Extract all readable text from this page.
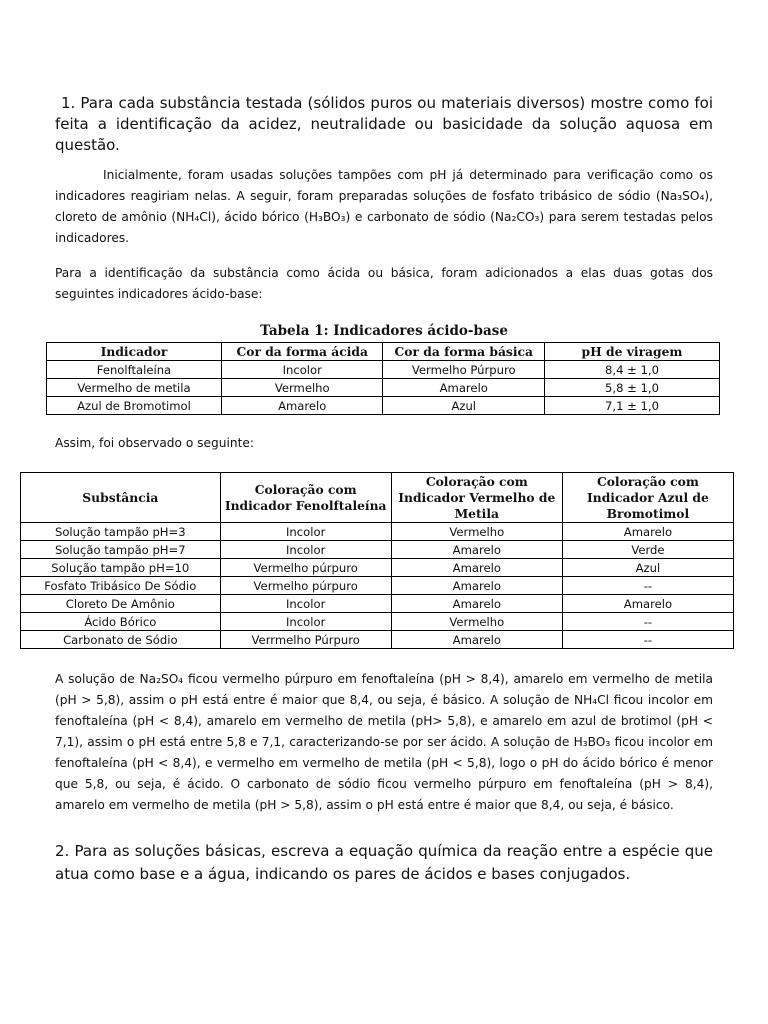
1. Para cada substância testada (sólidos puros ou materiais diversos) mostre como foi feita a identificação da acidez, neutralidade ou basicidade da solução aquosa em questão.
Inicialmente, foram usadas soluções tampões com pH já determinado para verificação como os indicadores reagiriam nelas. A seguir, foram preparadas soluções de fosfato tribásico de sódio (Na₃SO₄), cloreto de amônio (NH₄Cl), ácido bórico (H₃BO₃) e carbonato de sódio (Na₂CO₃) para serem testadas pelos indicadores.
Para a identificação da substância como ácida ou básica, foram adicionados a elas duas gotas dos seguintes indicadores ácido-base:
Tabela 1: Indicadores ácido-base
Indicador	Cor da forma ácida	Cor da forma básica	pH de viragem
Fenolftaleína	Incolor	Vermelho Púrpuro	8,4 ± 1,0
Vermelho de metila	Vermelho	Amarelo	5,8 ± 1,0
Azul de Bromotimol	Amarelo	Azul	7,1 ± 1,0
Assim, foi observado o seguinte:
Substância	Coloração com Indicador Fenolftaleína	Coloração com Indicador Vermelho de Metila	Coloração com Indicador Azul de Bromotimol
Solução tampão pH=3	Incolor	Vermelho	Amarelo
Solução tampão pH=7	Incolor	Amarelo	Verde
Solução tampão pH=10	Vermelho púrpuro	Amarelo	Azul
Fosfato Tribásico De Sódio	Vermelho púrpuro	Amarelo	--
Cloreto De Amônio	Incolor	Amarelo	Amarelo
Ácido Bórico	Incolor	Vermelho	--
Carbonato de Sódio	Verrmelho Púrpuro	Amarelo	--
A solução de Na₂SO₄ ficou vermelho púrpuro em fenoftaleína (pH > 8,4), amarelo em vermelho de metila (pH > 5,8), assim o pH está entre é maior que 8,4, ou seja, é básico. A solução de NH₄Cl ficou incolor em fenoftaleína (pH < 8,4), amarelo em vermelho de metila (pH> 5,8), e amarelo em azul de brotimol (pH < 7,1), assim o pH está entre 5,8 e 7,1, caracterizando-se por ser ácido. A solução de H₃BO₃ ficou incolor em fenoftaleína (pH < 8,4), e vermelho em vermelho de metila (pH < 5,8), logo o pH do ácido bórico é menor que 5,8, ou seja, é ácido. O carbonato de sódio ficou vermelho púrpuro em fenoftaleína (pH > 8,4), amarelo em vermelho de metila (pH > 5,8), assim o pH está entre é maior que 8,4, ou seja, é básico.
2. Para as soluções básicas, escreva a equação química da reação entre a espécie que atua como base e a água, indicando os pares de ácidos e bases conjugados.
